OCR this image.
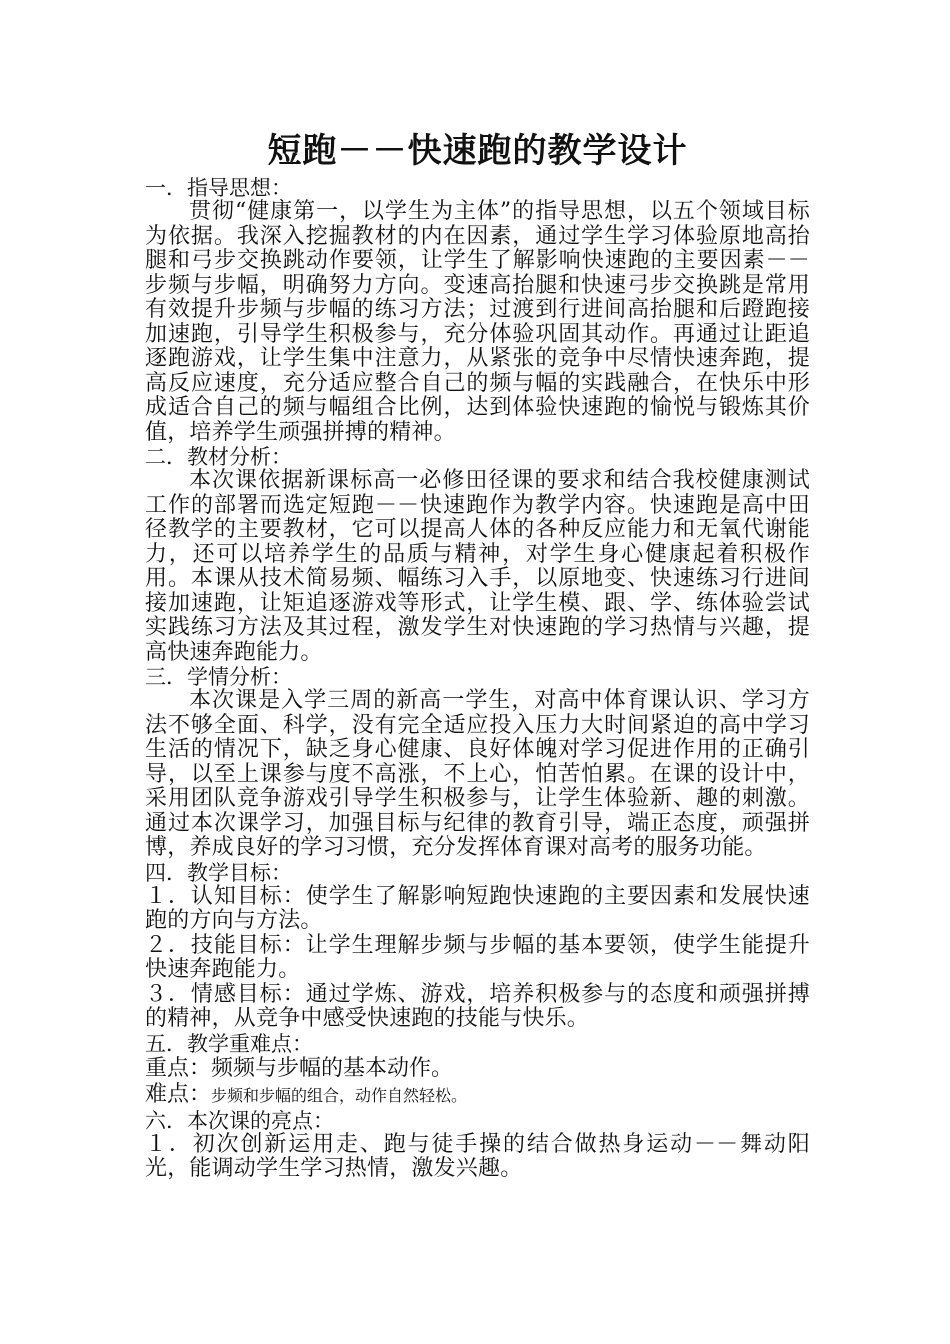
短跑－－快速跑的教学设计

一．指导思想：

贯彻“健康第一，以学生为主体”的指导思想，以五个领域目标为依据。我深入挖掘教材的内在因素，通过学生学习体验原地高抬腿和弓步交换跳动作要领，让学生了解影响快速跑的主要因素－－步频与步幅，明确努力方向。变速高抬腿和快速弓步交换跳是常用有效提升步频与步幅的练习方法；过渡到行进间高抬腿和后蹬跑接加速跑，引导学生积极参与，充分体验巩固其动作。再通过让距追逐跑游戏，让学生集中注意力，从紧张的竞争中尽情快速奔跑，提高反应速度，充分适应整合自己的频与幅的实践融合，在快乐中形成适合自己的频与幅组合比例，达到体验快速跑的愉悦与锻炼其价值，培养学生顽强拼搏的精神。

二．教材分析：

本次课依据新课标高一必修田径课的要求和结合我校健康测试工作的部署而选定短跑－－快速跑作为教学内容。快速跑是高中田径教学的主要教材，它可以提高人体的各种反应能力和无氧代谢能力，还可以培养学生的品质与精神，对学生身心健康起着积极作用。本课从技术简易频、幅练习入手，以原地变、快速练习行进间接加速跑，让矩追逐游戏等形式，让学生模、跟、学、练体验尝试实践练习方法及其过程，激发学生对快速跑的学习热情与兴趣，提高快速奔跑能力。

三．学情分析：

本次课是入学三周的新高一学生，对高中体育课认识、学习方法不够全面、科学，没有完全适应投入压力大时间紧迫的高中学习生活的情况下，缺乏身心健康、良好体魄对学习促进作用的正确引导，以至上课参与度不高涨，不上心，怕苦怕累。在课的设计中，采用团队竞争游戏引导学生积极参与，让学生体验新、趣的刺激。通过本次课学习，加强目标与纪律的教育引导，端正态度，顽强拼博，养成良好的学习习惯，充分发挥体育课对高考的服务功能。

四．教学目标：

１．认知目标：使学生了解影响短跑快速跑的主要因素和发展快速跑的方向与方法。

２．技能目标：让学生理解步频与步幅的基本要领，使学生能提升快速奔跑能力。

３．情感目标：通过学炼、游戏，培养积极参与的态度和顽强拼搏的精神，从竞争中感受快速跑的技能与快乐。

五．教学重难点：

重点：频频与步幅的基本动作。

难点：步频和步幅的组合，动作自然轻松。

六．本次课的亮点：

１．初次创新运用走、跑与徒手操的结合做热身运动－－舞动阳光，能调动学生学习热情，激发兴趣。
